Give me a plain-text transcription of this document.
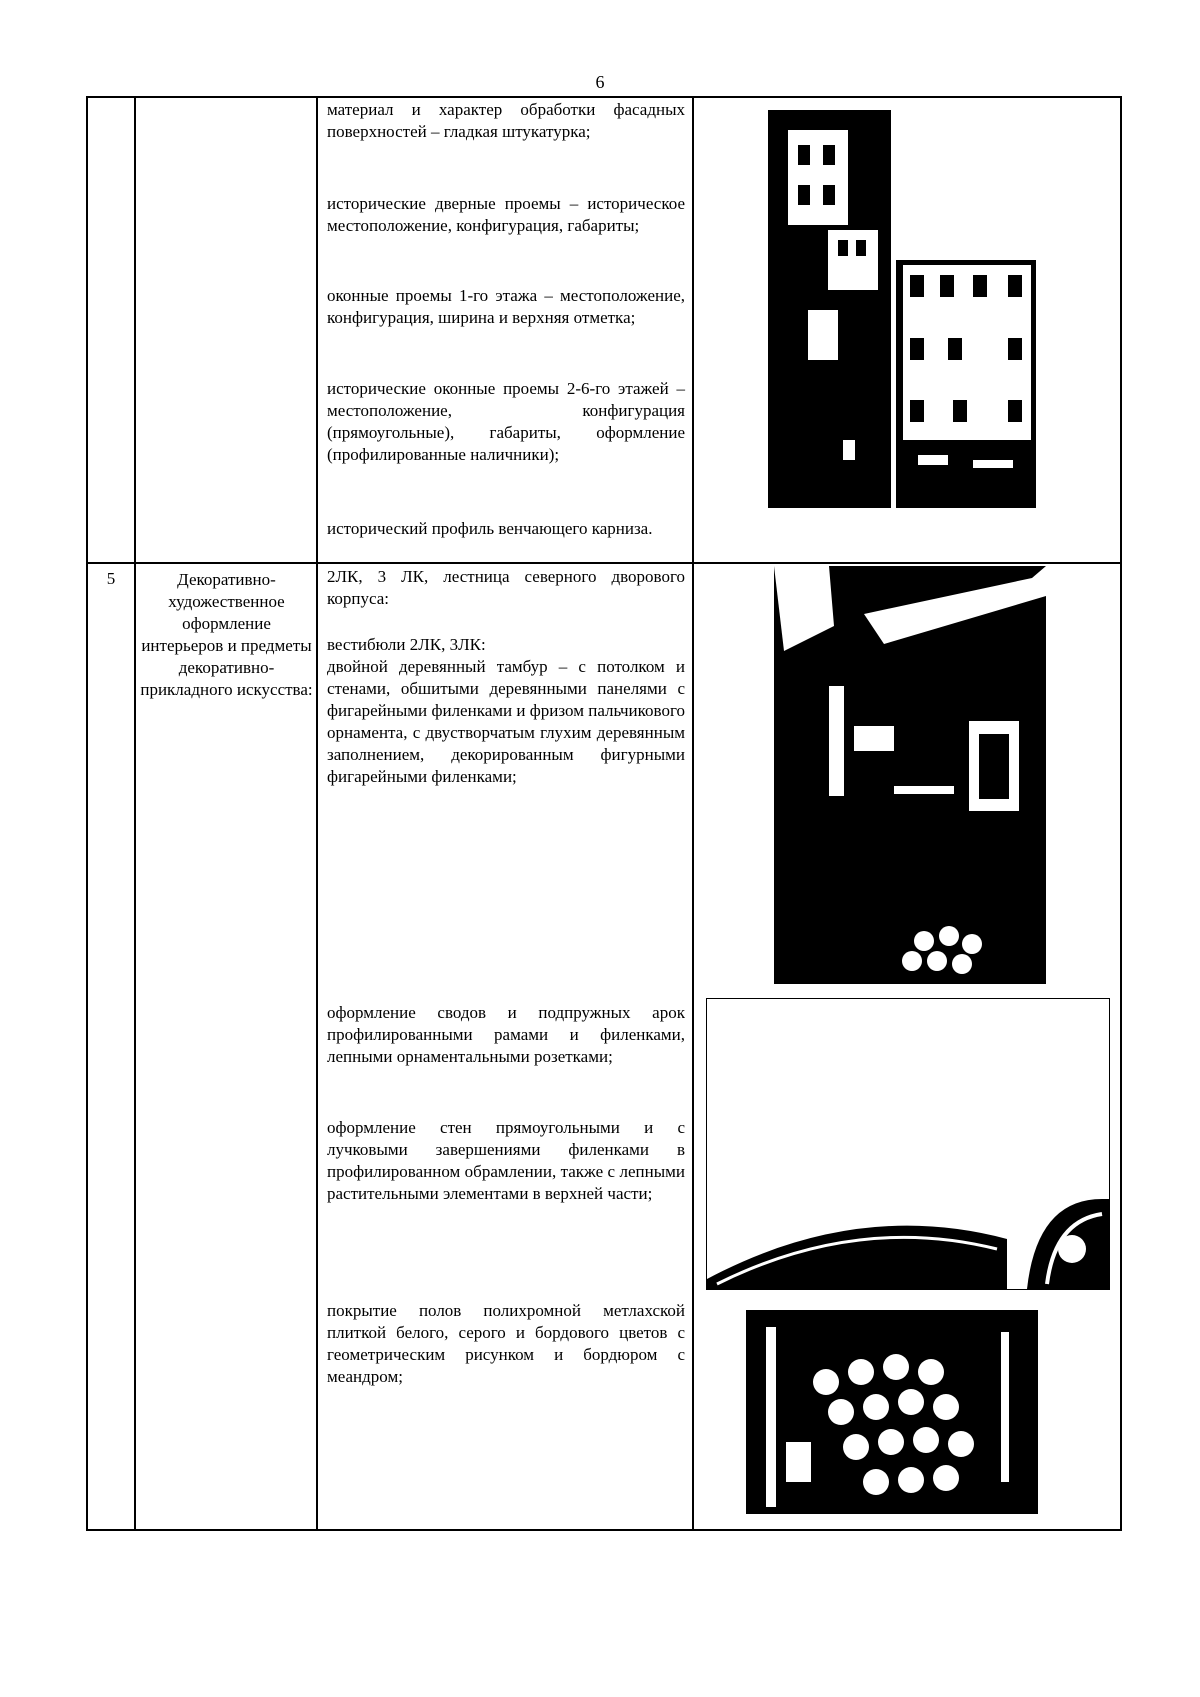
6

материал и характер обработки фасадных поверхностей – гладкая штукатурка;

исторические дверные проемы – историческое местоположение, конфигурация, габариты;

оконные проемы 1-го этажа – местоположение, конфигурация, ширина и верхняя отметка;

исторические оконные проемы 2-6-го этажей – местоположение, конфигурация (прямоугольные), габариты, оформление (профилированные наличники);

исторический профиль венчающего карниза.

5	Декоративно-художественное оформление интерьеров и предметы декоративно-прикладного искусства:

2ЛК, 3 ЛК, лестница северного дворового корпуса:

вестибюли 2ЛК, 3ЛК:

двойной деревянный тамбур – с потолком и стенами, обшитыми деревянными панелями с фигарейными филенками и фризом пальчикового орнамента, с двустворчатым глухим деревянным заполнением, декорированным фигурными фигарейными филенками;

оформление сводов и подпружных арок профилированными рамами и филенками, лепными орнаментальными розетками;

оформление стен прямоугольными и с лучковыми завершениями филенками в профилированном обрамлении, также с лепными растительными элементами в верхней части;

покрытие полов полихромной метлахской плиткой белого, серого и бордового цветов с геометрическим рисунком и бордюром с меандром;
